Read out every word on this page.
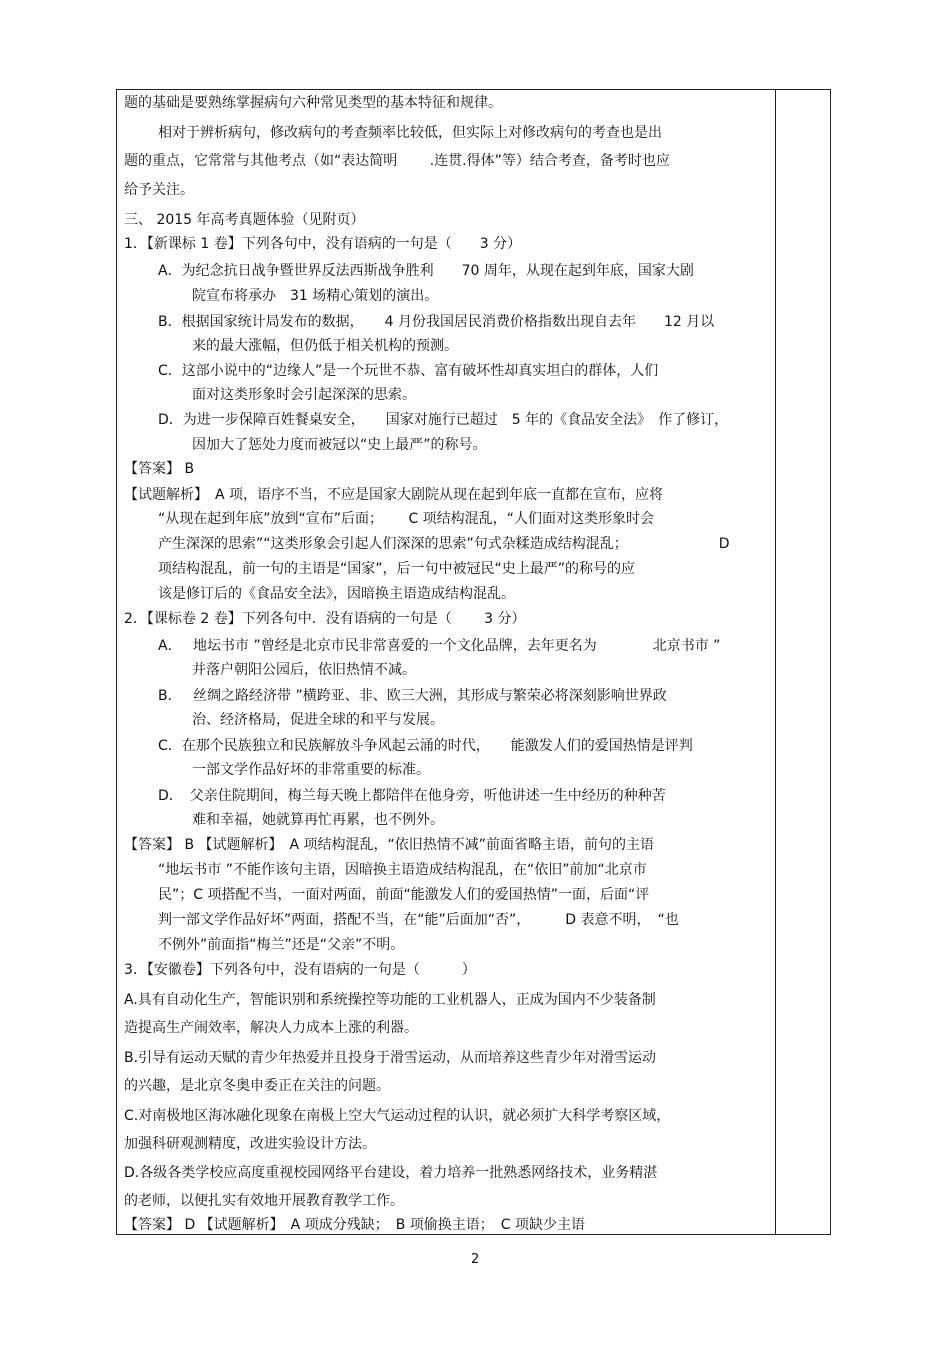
题的基础是要熟练掌握病句六种常见类型的基本特征和规律。
相对于辨析病句，修改病句的考查频率比较低，但实际上对修改病句的考查也是出
题的重点，它常常与其他考点（如“表达简明 　　.连贯.得体”等）结合考查，备考时也应
给予关注。
三、 2015 年高考真题体验（见附页）
1．【新课标 1 卷】下列各句中，没有语病的一句是（　　3 分）
A．为纪念抗日战争暨世界反法西斯战争胜利　　70 周年，从现在起到年底，国家大剧
院宣布将承办　31 场精心策划的演出。
B．根据国家统计局发布的数据，　　4 月份我国居民消费价格指数出现自去年　　12 月以
来的最大涨幅，但仍低于相关机构的预测。
C．这部小说中的“边缘人”是一个玩世不恭、富有破坏性却真实坦白的群体，人们
面对这类形象时会引起深深的思索。
D．为进一步保障百姓餐桌安全，　　国家对施行已超过　5 年的《食品安全法》　作了修订，
因加大了惩处力度而被冠以“史上最严”的称号。
【答案】 B
【试题解析】　A 项，语序不当，不应是国家大剧院从现在起到年底一直都在宣布，应将
“从现在起到年底”放到“宣布”后面；　　 C 项结构混乱，“人们面对这类形象时会
产生深深的思索”“这类形象会引起人们深深的思索”句式杂糅造成结构混乱；　　　　　　　D
项结构混乱，前一句的主语是“国家”，后一句中被冠民“史上最严”的称号的应
该是修订后的《食品安全法》，因暗换主语造成结构混乱。
2．【课标卷 2 卷】下列各句中．没有语病的一句是（　　 3 分）
A．　 地坛书市 ”曾经是北京市民非常喜爱的一个文化品牌，去年更名为　　　　北京书市 ”
并落户朝阳公园后，依旧热情不减。
B．　 丝绸之路经济带 ”横跨亚、非、欧三大洲，其形成与繁荣必将深刻影响世界政
治、经济格局，促进全球的和平与发展。
C．在那个民族独立和民族解放斗争风起云涌的时代，　　能激发人们的爱国热情是评判
一部文学作品好坏的非常重要的标准。
D．　父亲住院期间，梅兰每天晚上都陪伴在他身旁，听他讲述一生中经历的种种苦
难和幸福，她就算再忙再累，也不例外。
【答案】 B 【试题解析】　A 项结构混乱，“依旧热情不减”前面省略主语，前句的主语
“地坛书市 ”不能作该句主语，因暗换主语造成结构混乱，在“依旧”前加“北京市
民”；C 项搭配不当，一面对两面，前面“能激发人们的爱国热情”一面，后面“评
判一部文学作品好坏”两面，搭配不当，在“能”后面加“否”，　　　D 表意不明，　“也
不例外”前面指“梅兰”还是“父亲”不明。
3．【安徽卷】下列各句中，没有语病的一句是（　　　）
A.具有自动化生产，智能识别和系统操控等功能的工业机器人，正成为国内不少装备制
造提高生产闹效率，解决人力成本上涨的利器。
B.引导有运动天赋的青少年热爱并且投身于滑雪运动，从而培养这些青少年对滑雪运动
的兴趣，是北京冬奥申委正在关注的问题。
C.对南极地区海冰融化现象在南极上空大气运动过程的认识，就必须扩大科学考察区域，
加强科研观测精度，改进实验设计方法。
D.各级各类学校应高度重视校园网络平台建设，着力培养一批熟悉网络技术，业务精湛
的老师，以便扎实有效地开展教育教学工作。
【答案】 D 【试题解析】　A 项成分残缺；　B 项偷换主语；　C 项缺少主语
2
